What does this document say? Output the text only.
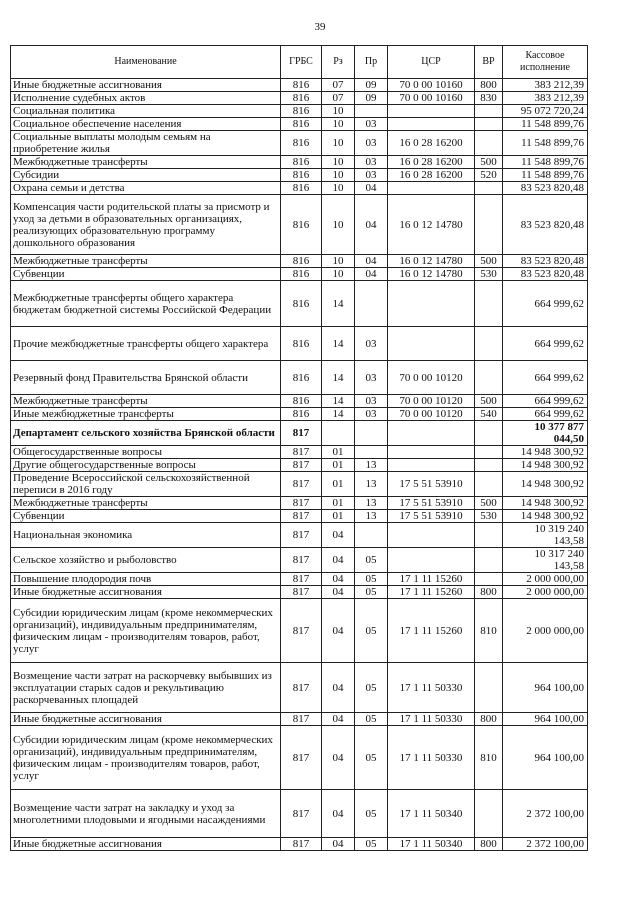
39
Наименование	ГРБС	Рз	Пр	ЦСР	ВР	Кассовое исполнение
Иные бюджетные ассигнования	816	07	09	70 0 00 10160	800	383 212,39
Исполнение судебных актов	816	07	09	70 0 00 10160	830	383 212,39
Социальная политика	816	10				95 072 720,24
Социальное обеспечение населения	816	10	03			11 548 899,76
Социальные выплаты молодым семьям на приобретение жилья	816	10	03	16 0 28 16200		11 548 899,76
Межбюджетные трансферты	816	10	03	16 0 28 16200	500	11 548 899,76
Субсидии	816	10	03	16 0 28 16200	520	11 548 899,76
Охрана семьи и детства	816	10	04			83 523 820,48
Компенсация части родительской платы за присмотр и уход за детьми в образовательных организациях, реализующих образовательную программу дошкольного образования	816	10	04	16 0 12 14780		83 523 820,48
Межбюджетные трансферты	816	10	04	16 0 12 14780	500	83 523 820,48
Субвенции	816	10	04	16 0 12 14780	530	83 523 820,48
Межбюджетные трансферты общего характера бюджетам бюджетной системы Российской Федерации	816	14				664 999,62
Прочие межбюджетные трансферты общего характера	816	14	03			664 999,62
Резервный фонд Правительства Брянской области	816	14	03	70 0 00 10120		664 999,62
Межбюджетные трансферты	816	14	03	70 0 00 10120	500	664 999,62
Иные межбюджетные трансферты	816	14	03	70 0 00 10120	540	664 999,62
Департамент сельского хозяйства Брянской области	817					10 377 877 044,50
Общегосударственные вопросы	817	01				14 948 300,92
Другие общегосударственные вопросы	817	01	13			14 948 300,92
Проведение Всероссийской сельскохозяйственной переписи в 2016 году	817	01	13	17 5 51 53910		14 948 300,92
Межбюджетные трансферты	817	01	13	17 5 51 53910	500	14 948 300,92
Субвенции	817	01	13	17 5 51 53910	530	14 948 300,92
Национальная экономика	817	04				10 319 240 143,58
Сельское хозяйство и рыболовство	817	04	05			10 317 240 143,58
Повышение плодородия почв	817	04	05	17 1 11 15260		2 000 000,00
Иные бюджетные ассигнования	817	04	05	17 1 11 15260	800	2 000 000,00
Субсидии юридическим лицам (кроме некоммерческих организаций), индивидуальным предпринимателям, физическим лицам - производителям товаров, работ, услуг	817	04	05	17 1 11 15260	810	2 000 000,00
Возмещение части затрат на раскорчевку выбывших из эксплуатации старых садов и рекультивацию раскорчеванных площадей	817	04	05	17 1 11 50330		964 100,00
Иные бюджетные ассигнования	817	04	05	17 1 11 50330	800	964 100,00
Субсидии юридическим лицам (кроме некоммерческих организаций), индивидуальным предпринимателям, физическим лицам - производителям товаров, работ, услуг	817	04	05	17 1 11 50330	810	964 100,00
Возмещение части затрат на закладку и уход за многолетними плодовыми и ягодными насаждениями	817	04	05	17 1 11 50340		2 372 100,00
Иные бюджетные ассигнования	817	04	05	17 1 11 50340	800	2 372 100,00
